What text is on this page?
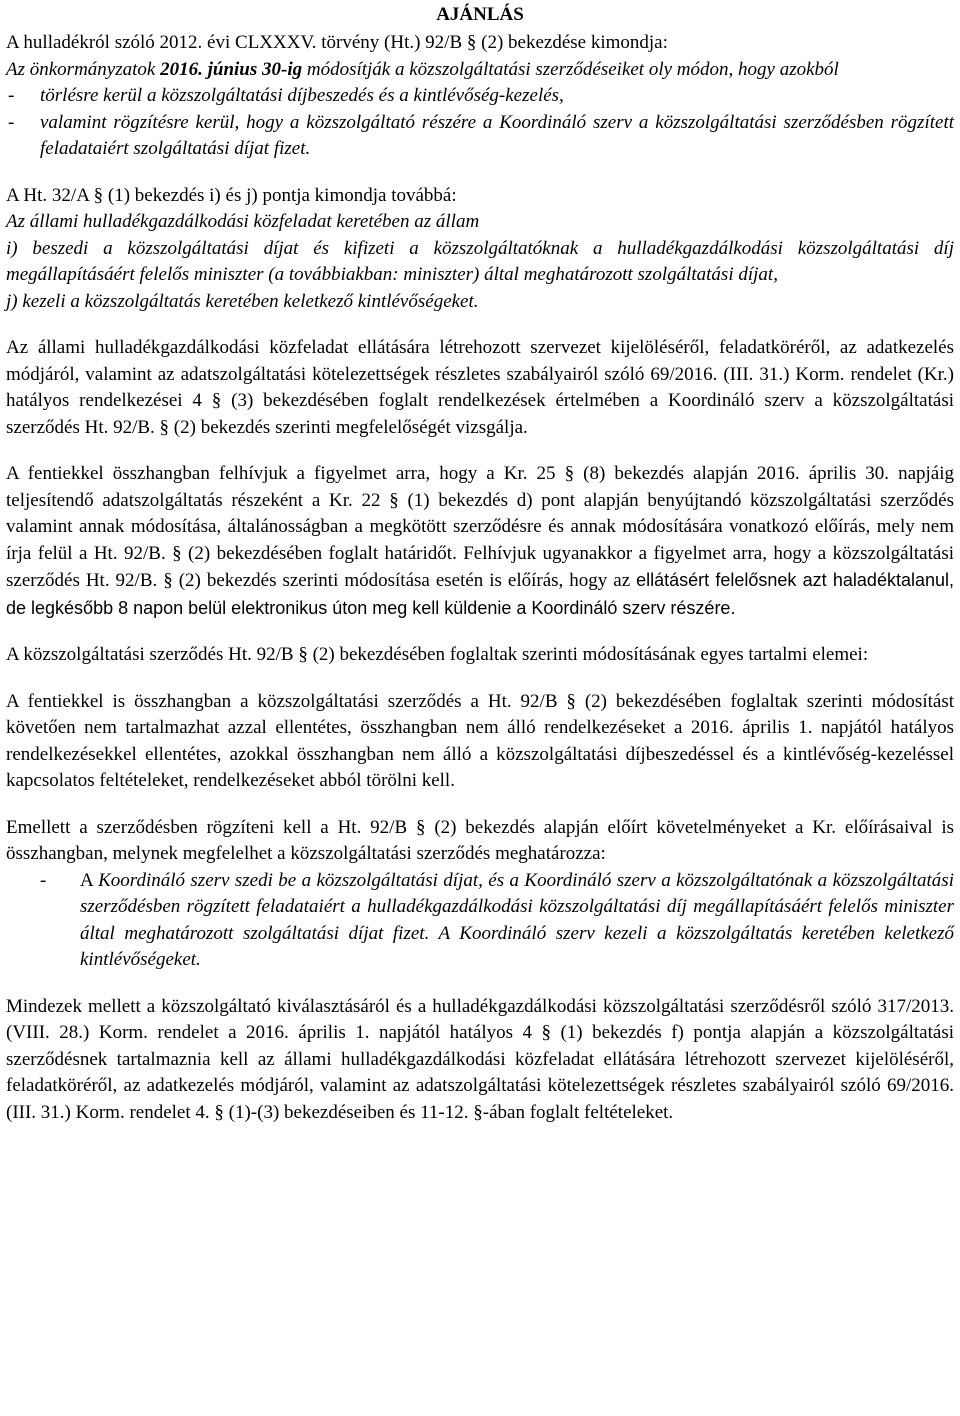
AJÁNLÁS

A hulladékról szóló 2012. évi CLXXXV. törvény (Ht.) 92/B § (2) bekezdése kimondja:

Az önkormányzatok 2016. június 30-ig módosítják a közszolgáltatási szerződéseiket oly módon, hogy azokból

- törlésre kerül a közszolgáltatási díjbeszedés és a kintlévőség-kezelés,

- valamint rögzítésre kerül, hogy a közszolgáltató részére a Koordináló szerv a közszolgáltatási szerződésben rögzített feladataiért szolgáltatási díjat fizet.

A Ht. 32/A § (1) bekezdés i) és j) pontja kimondja továbbá:

Az állami hulladékgazdálkodási közfeladat keretében az állam

i) beszedi a közszolgáltatási díjat és kifizeti a közszolgáltatóknak a hulladékgazdálkodási közszolgáltatási díj megállapításáért felelős miniszter (a továbbiakban: miniszter) által meghatározott szolgáltatási díjat,

j) kezeli a közszolgáltatás keretében keletkező kintlévőségeket.

Az állami hulladékgazdálkodási közfeladat ellátására létrehozott szervezet kijelöléséről, feladatköréről, az adatkezelés módjáról, valamint az adatszolgáltatási kötelezettségek részletes szabályairól szóló 69/2016. (III. 31.) Korm. rendelet (Kr.) hatályos rendelkezései 4 § (3) bekezdésében foglalt rendelkezések értelmében a Koordináló szerv a közszolgáltatási szerződés Ht. 92/B. § (2) bekezdés szerinti megfelelőségét vizsgálja.

A fentiekkel összhangban felhívjuk a figyelmet arra, hogy a Kr. 25 § (8) bekezdés alapján 2016. április 30. napjáig teljesítendő adatszolgáltatás részeként a Kr. 22 § (1) bekezdés d) pont alapján benyújtandó közszolgáltatási szerződés valamint annak módosítása, általánosságban a megkötött szerződésre és annak módosítására vonatkozó előírás, mely nem írja felül a Ht. 92/B. § (2) bekezdésében foglalt határidőt. Felhívjuk ugyanakkor a figyelmet arra, hogy a közszolgáltatási szerződés Ht. 92/B. § (2) bekezdés szerinti módosítása esetén is előírás, hogy az ellátásért felelősnek azt haladéktalanul, de legkésőbb 8 napon belül elektronikus úton meg kell küldenie a Koordináló szerv részére.

A közszolgáltatási szerződés Ht. 92/B § (2) bekezdésében foglaltak szerinti módosításának egyes tartalmi elemei:

A fentiekkel is összhangban a közszolgáltatási szerződés a Ht. 92/B § (2) bekezdésében foglaltak szerinti módosítást követően nem tartalmazhat azzal ellentétes, összhangban nem álló rendelkezéseket a 2016. április 1. napjától hatályos rendelkezésekkel ellentétes, azokkal összhangban nem álló a közszolgáltatási díjbeszedéssel és a kintlévőség-kezeléssel kapcsolatos feltételeket, rendelkezéseket abból törölni kell.

Emellett a szerződésben rögzíteni kell a Ht. 92/B § (2) bekezdés alapján előírt követelményeket a Kr. előírásaival is összhangban, melynek megfelelhet a közszolgáltatási szerződés meghatározza:

- A Koordináló szerv szedi be a közszolgáltatási díjat, és a Koordináló szerv a közszolgáltatónak a közszolgáltatási szerződésben rögzített feladataiért a hulladékgazdálkodási közszolgáltatási díj megállapításáért felelős miniszter által meghatározott szolgáltatási díjat fizet. A Koordináló szerv kezeli a közszolgáltatás keretében keletkező kintlévőségeket.

Mindezek mellett a közszolgáltató kiválasztásáról és a hulladékgazdálkodási közszolgáltatási szerződésről szóló 317/2013. (VIII. 28.) Korm. rendelet a 2016. április 1. napjától hatályos 4 § (1) bekezdés f) pontja alapján a közszolgáltatási szerződésnek tartalmaznia kell az állami hulladékgazdálkodási közfeladat ellátására létrehozott szervezet kijelöléséről, feladatköréről, az adatkezelés módjáról, valamint az adatszolgáltatási kötelezettségek részletes szabályairól szóló 69/2016. (III. 31.) Korm. rendelet 4. § (1)-(3) bekezdéseiben és 11-12. §-ában foglalt feltételeket.
